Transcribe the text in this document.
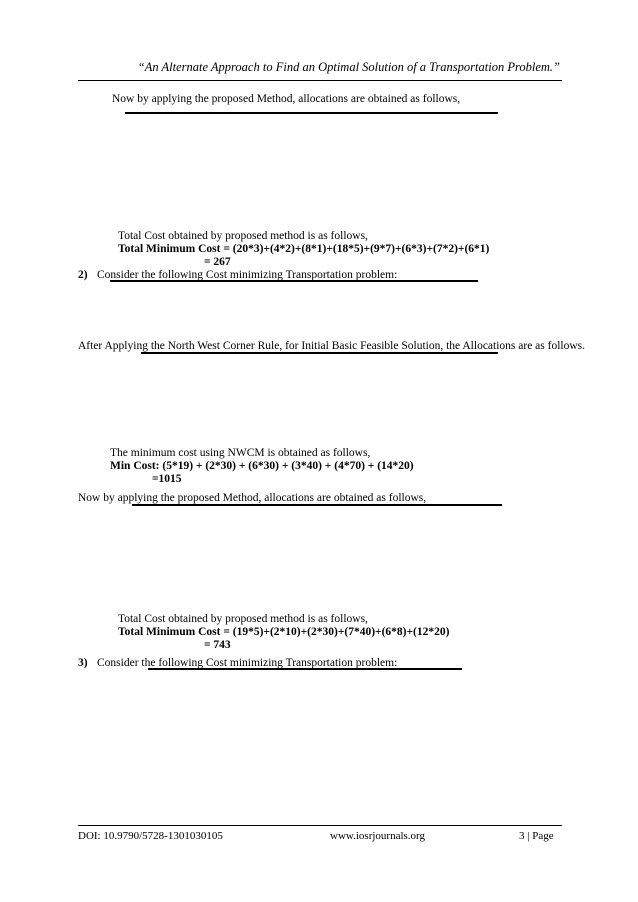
“An Alternate Approach to Find an Optimal Solution of a Transportation Problem.”
Now by applying the proposed Method, allocations are obtained as follows,
Total Cost obtained by proposed method is as follows,
Total Minimum Cost = (20*3)+(4*2)+(8*1)+(18*5)+(9*7)+(6*3)+(7*2)+(6*1)
= 267
2) Consider the following Cost minimizing Transportation problem:
After Applying the North West Corner Rule, for Initial Basic Feasible Solution, the Allocations are as follows.
The minimum cost using NWCM is obtained as follows,
Min Cost: (5*19) + (2*30) + (6*30) + (3*40) + (4*70) + (14*20)
=1015
Now by applying the proposed Method, allocations are obtained as follows,
Total Cost obtained by proposed method is as follows,
Total Minimum Cost = (19*5)+(2*10)+(2*30)+(7*40)+(6*8)+(12*20)
= 743
3) Consider the following Cost minimizing Transportation problem:
DOI: 10.9790/5728-1301030105	www.iosrjournals.org	3 | Page
